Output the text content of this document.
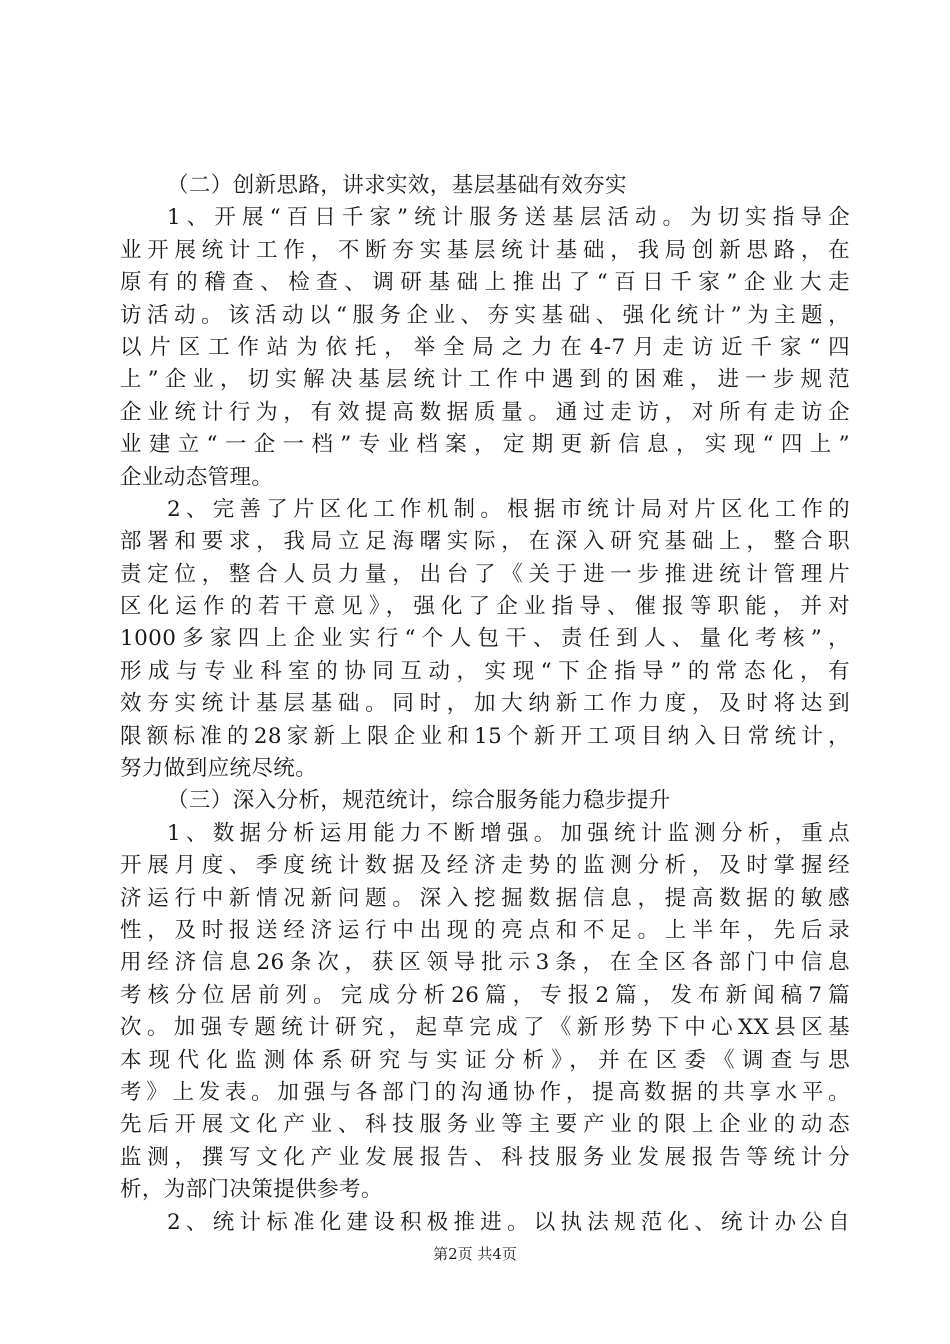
（二）创新思路，讲求实效，基层基础有效夯实
1、开展“百日千家”统计服务送基层活动。为切实指导企
业开展统计工作，不断夯实基层统计基础，我局创新思路，在
原有的稽查、检查、调研基础上推出了“百日千家”企业大走
访活动。该活动以“服务企业、夯实基础、强化统计”为主题，
以片区工作站为依托，举全局之力在4-7月走访近千家“四
上”企业，切实解决基层统计工作中遇到的困难，进一步规范
企业统计行为，有效提高数据质量。通过走访，对所有走访企
业建立“一企一档”专业档案，定期更新信息，实现“四上”
企业动态管理。
2、完善了片区化工作机制。根据市统计局对片区化工作的
部署和要求，我局立足海曙实际，在深入研究基础上，整合职
责定位，整合人员力量，出台了《关于进一步推进统计管理片
区化运作的若干意见》，强化了企业指导、催报等职能，并对
1000多家四上企业实行“个人包干、责任到人、量化考核”，
形成与专业科室的协同互动，实现“下企指导”的常态化，有
效夯实统计基层基础。同时，加大纳新工作力度，及时将达到
限额标准的28家新上限企业和15个新开工项目纳入日常统计，
努力做到应统尽统。
（三）深入分析，规范统计，综合服务能力稳步提升
1、数据分析运用能力不断增强。加强统计监测分析，重点
开展月度、季度统计数据及经济走势的监测分析，及时掌握经
济运行中新情况新问题。深入挖掘数据信息，提高数据的敏感
性，及时报送经济运行中出现的亮点和不足。上半年，先后录
用经济信息26条次，获区领导批示3条，在全区各部门中信息
考核分位居前列。完成分析26篇，专报2篇，发布新闻稿7篇
次。加强专题统计研究，起草完成了《新形势下中心XX县区基
本现代化监测体系研究与实证分析》，并在区委《调查与思
考》上发表。加强与各部门的沟通协作，提高数据的共享水平。
先后开展文化产业、科技服务业等主要产业的限上企业的动态
监测，撰写文化产业发展报告、科技服务业发展报告等统计分
析，为部门决策提供参考。
2、统计标准化建设积极推进。以执法规范化、统计办公自
第2页 共4页
